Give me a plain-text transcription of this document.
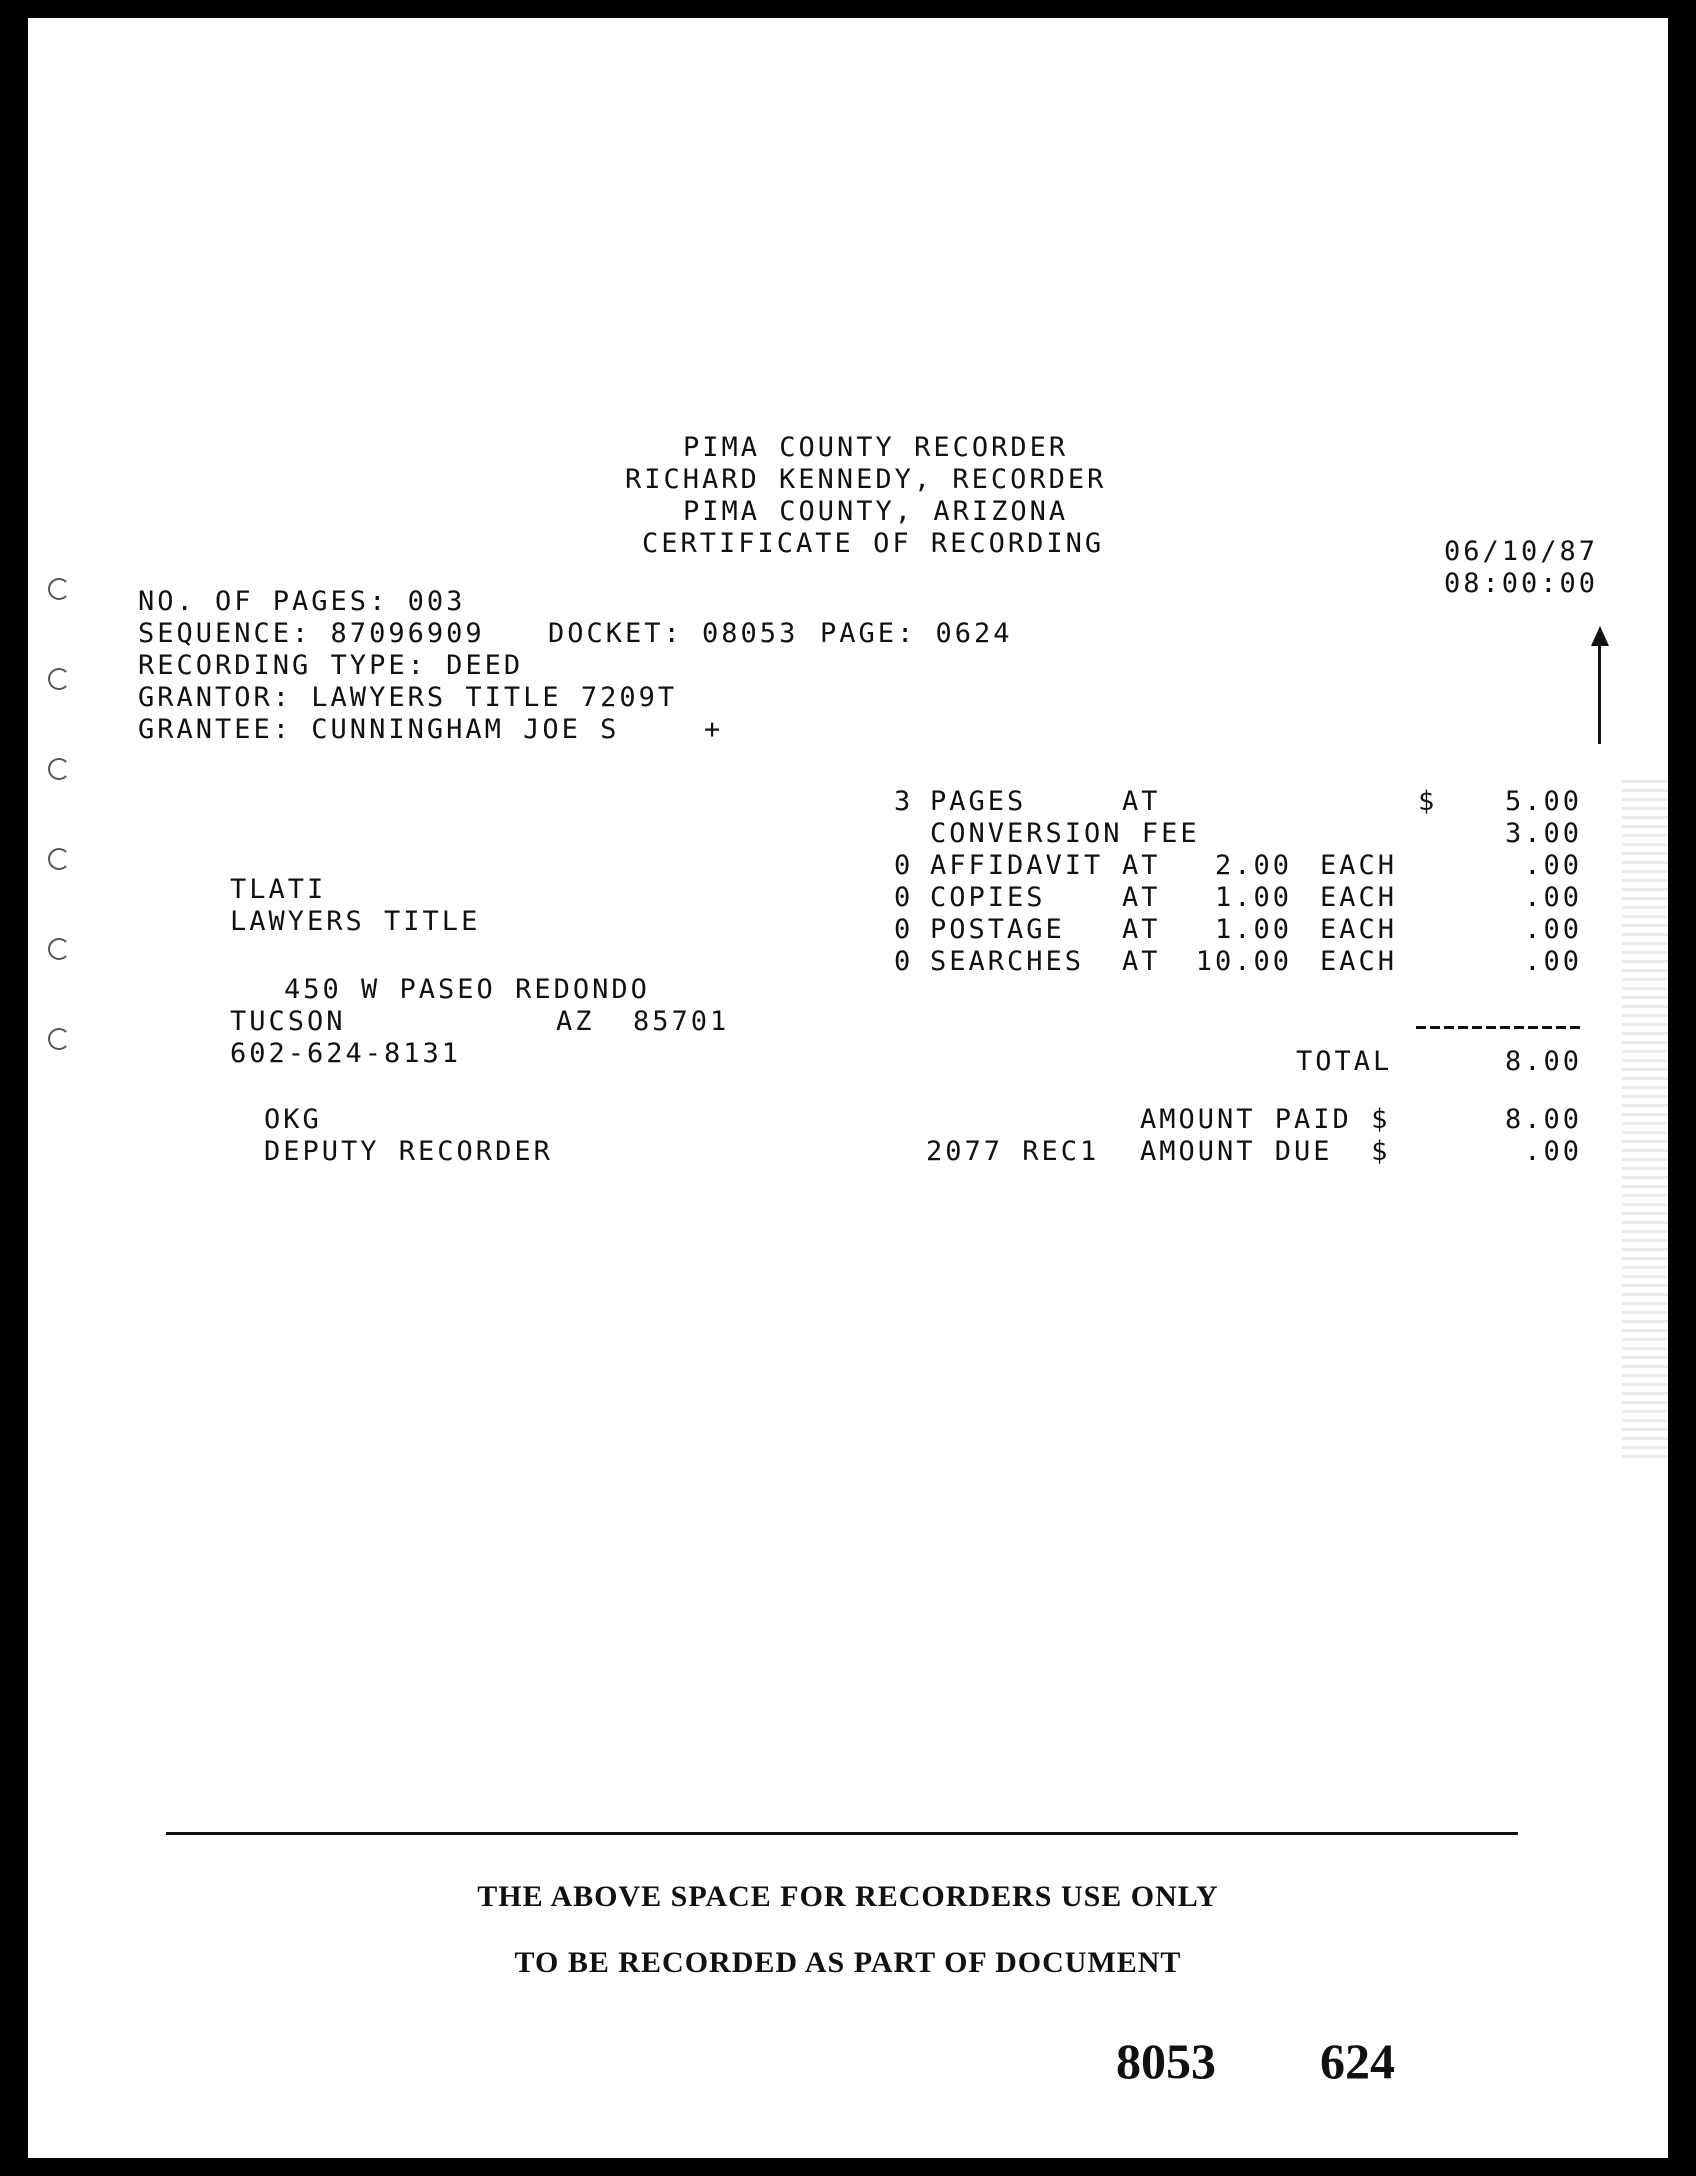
PIMA COUNTY RECORDER
RICHARD KENNEDY, RECORDER
PIMA COUNTY, ARIZONA
CERTIFICATE OF RECORDING	06/10/87
08:00:00
NO. OF PAGES: 003
SEQUENCE: 87096909 DOCKET: 08053 PAGE: 0624
RECORDING TYPE: DEED
GRANTOR: LAWYERS TITLE 7209T
GRANTEE: CUNNINGHAM JOE S	+
TLATI
LAWYERS TITLE
450 W PASEO REDONDO
TUCSON	AZ  85701
602-624-8131
OKG
DEPUTY RECORDER
3 PAGES	AT	$	5.00
CONVERSION FEE	3.00
0 AFFIDAVIT AT 2.00 EACH	.00
0 COPIES	AT 1.00 EACH	.00
0 POSTAGE AT 1.00 EACH	.00
0 SEARCHES AT 10.00 EACH	.00
TOTAL	8.00
AMOUNT PAID $	8.00
2077 REC1 AMOUNT DUE  $	.00
THE ABOVE SPACE FOR RECORDERS USE ONLY
TO BE RECORDED AS PART OF DOCUMENT
8053 624
